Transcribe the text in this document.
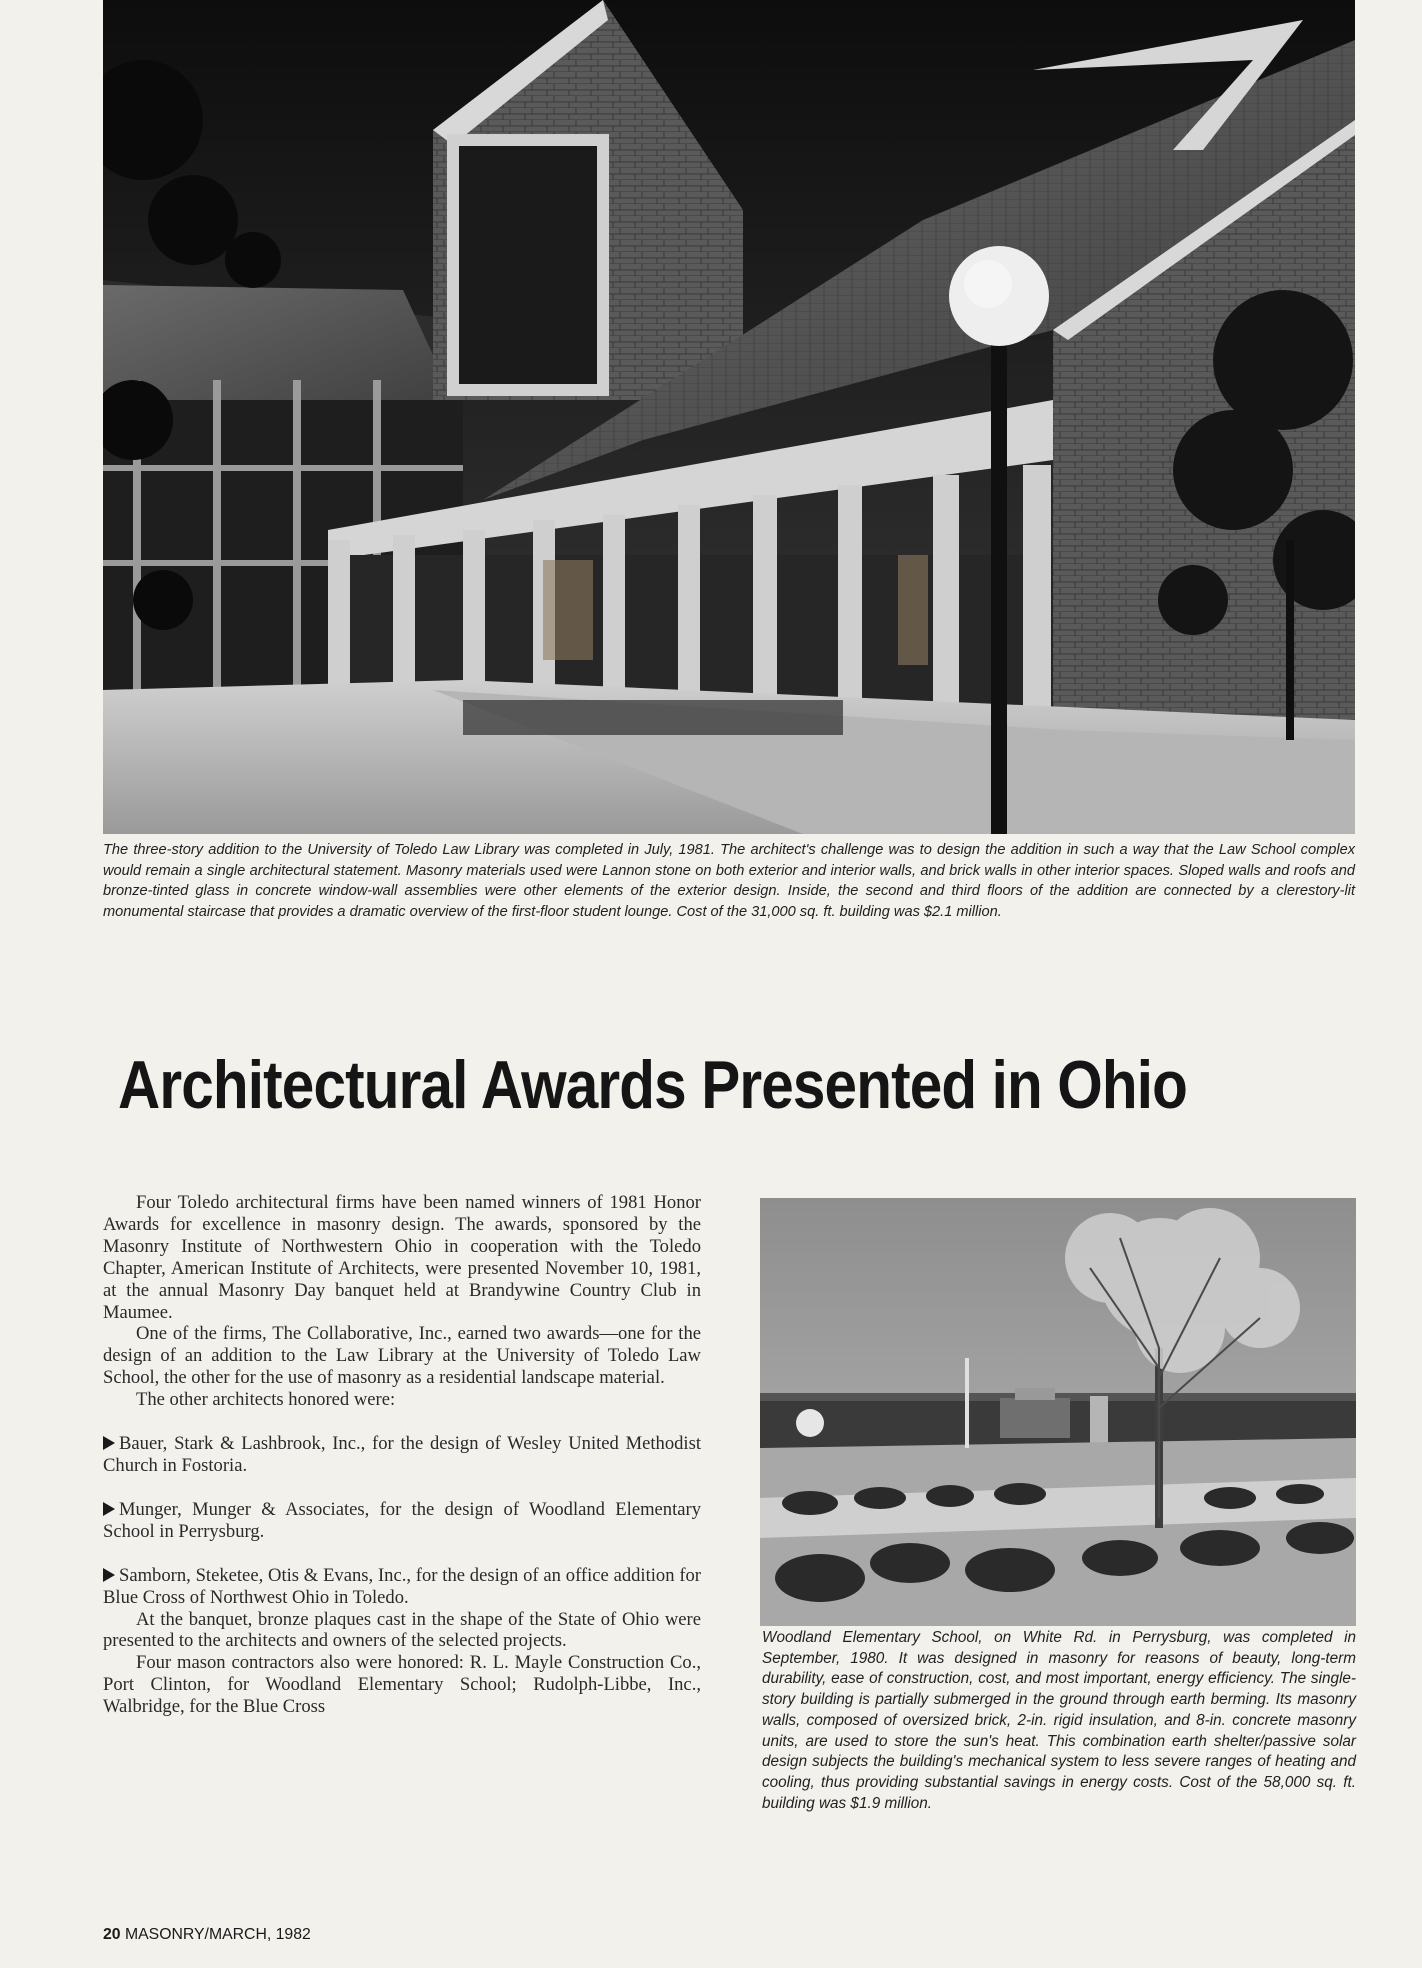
The three-story addition to the University of Toledo Law Library was completed in July, 1981. The architect's challenge was to design the addition in such a way that the Law School complex would remain a single architectural statement. Masonry materials used were Lannon stone on both exterior and interior walls, and brick walls in other interior spaces. Sloped walls and roofs and bronze-tinted glass in concrete window-wall assemblies were other elements of the exterior design. Inside, the second and third floors of the addition are connected by a clerestory-lit monumental staircase that provides a dramatic overview of the first-floor student lounge. Cost of the 31,000 sq. ft. building was $2.1 million.
Architectural Awards Presented in Ohio

Four Toledo architectural firms have been named winners of 1981 Honor Awards for excellence in masonry design. The awards, sponsored by the Masonry Institute of Northwestern Ohio in cooperation with the Toledo Chapter, American Institute of Architects, were presented November 10, 1981, at the annual Masonry Day banquet held at Brandywine Country Club in Maumee.

One of the firms, The Collaborative, Inc., earned two awards—one for the design of an addition to the Law Library at the University of Toledo Law School, the other for the use of masonry as a residential landscape material.

The other architects honored were:

Bauer, Stark & Lashbrook, Inc., for the design of Wesley United Methodist Church in Fostoria.

Munger, Munger & Associates, for the design of Woodland Elementary School in Perrysburg.

Samborn, Steketee, Otis & Evans, Inc., for the design of an office addition for Blue Cross of Northwest Ohio in Toledo.

At the banquet, bronze plaques cast in the shape of the State of Ohio were presented to the architects and owners of the selected projects.

Four mason contractors also were honored: R. L. Mayle Construction Co., Port Clinton, for Woodland Elementary School; Rudolph-Libbe, Inc., Walbridge, for the Blue Cross

Woodland Elementary School, on White Rd. in Perrysburg, was completed in September, 1980. It was designed in masonry for reasons of beauty, long-term durability, ease of construction, cost, and most important, energy efficiency. The single-story building is partially submerged in the ground through earth berming. Its masonry walls, composed of oversized brick, 2-in. rigid insulation, and 8-in. concrete masonry units, are used to store the sun's heat. This combination earth shelter/passive solar design subjects the building's mechanical system to less severe ranges of heating and cooling, thus providing substantial savings in energy costs. Cost of the 58,000 sq. ft. building was $1.9 million.
20 MASONRY/MARCH, 1982
